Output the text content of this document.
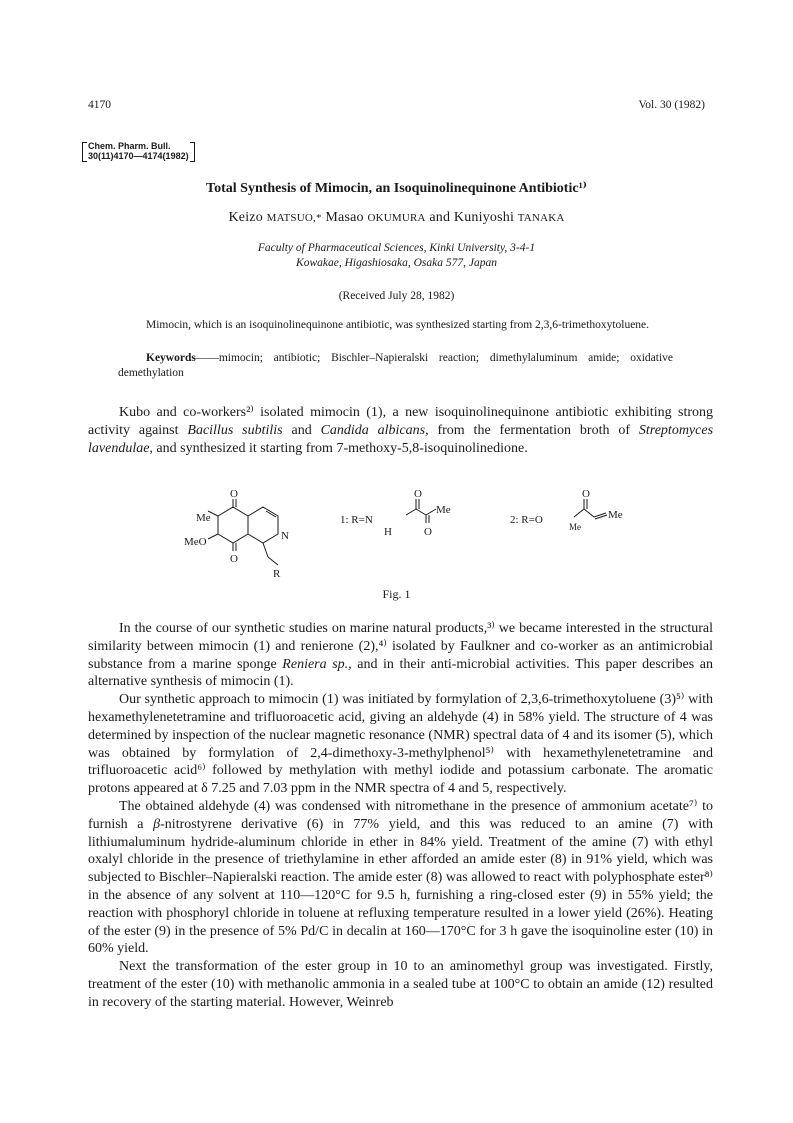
4170	Vol. 30 (1982)
Chem. Pharm. Bull.
30(11)4170—4174(1982)
Total Synthesis of Mimocin, an Isoquinolinequinone Antibiotic¹⁾
Keizo MATSUO,* Masao OKUMURA and Kuniyoshi TANAKA
Faculty of Pharmaceutical Sciences, Kinki University, 3-4-1
Kowakae, Higashiosaka, Osaka 577, Japan
(Received July 28, 1982)
Mimocin, which is an isoquinolinequinone antibiotic, was synthesized starting from 2,3,6-trimethoxytoluene.
Keywords——mimocin; antibiotic; Bischler–Napieralski reaction; dimethylaluminum amide; oxidative demethylation

Kubo and co-workers²⁾ isolated mimocin (1), a new isoquinolinequinone antibiotic exhibiting strong activity against Bacillus subtilis and Candida albicans, from the fermentation broth of Streptomyces lavendulae, and synthesized it starting from 7-methoxy-5,8-isoquinolinedione.

O
O
Me
MeO	N
R
1: R=N
H
O
O
Me
2: R=O
O
Me
Me
Fig. 1

In the course of our synthetic studies on marine natural products,³⁾ we became interested in the structural similarity between mimocin (1) and renierone (2),⁴⁾ isolated by Faulkner and co-worker as an antimicrobial substance from a marine sponge Reniera sp., and in their anti-microbial activities. This paper describes an alternative synthesis of mimocin (1).

Our synthetic approach to mimocin (1) was initiated by formylation of 2,3,6-trimethoxytoluene (3)⁵⁾ with hexamethylenetetramine and trifluoroacetic acid, giving an aldehyde (4) in 58% yield. The structure of 4 was determined by inspection of the nuclear magnetic resonance (NMR) spectral data of 4 and its isomer (5), which was obtained by formylation of 2,4-dimethoxy-3-methylphenol⁵⁾ with hexamethylenetetramine and trifluoroacetic acid⁶⁾ followed by methylation with methyl iodide and potassium carbonate. The aromatic protons appeared at δ 7.25 and 7.03 ppm in the NMR spectra of 4 and 5, respectively.

The obtained aldehyde (4) was condensed with nitromethane in the presence of ammonium acetate⁷⁾ to furnish a β-nitrostyrene derivative (6) in 77% yield, and this was reduced to an amine (7) with lithiumaluminum hydride-aluminum chloride in ether in 84% yield. Treatment of the amine (7) with ethyl oxalyl chloride in the presence of triethylamine in ether afforded an amide ester (8) in 91% yield, which was subjected to Bischler–Napieralski reaction. The amide ester (8) was allowed to react with polyphosphate ester⁸⁾ in the absence of any solvent at 110—120°C for 9.5 h, furnishing a ring-closed ester (9) in 55% yield; the reaction with phosphoryl chloride in toluene at refluxing temperature resulted in a lower yield (26%). Heating of the ester (9) in the presence of 5% Pd/C in decalin at 160—170°C for 3 h gave the isoquinoline ester (10) in 60% yield.

Next the transformation of the ester group in 10 to an aminomethyl group was investigated. Firstly, treatment of the ester (10) with methanolic ammonia in a sealed tube at 100°C to obtain an amide (12) resulted in recovery of the starting material. However, Weinreb
